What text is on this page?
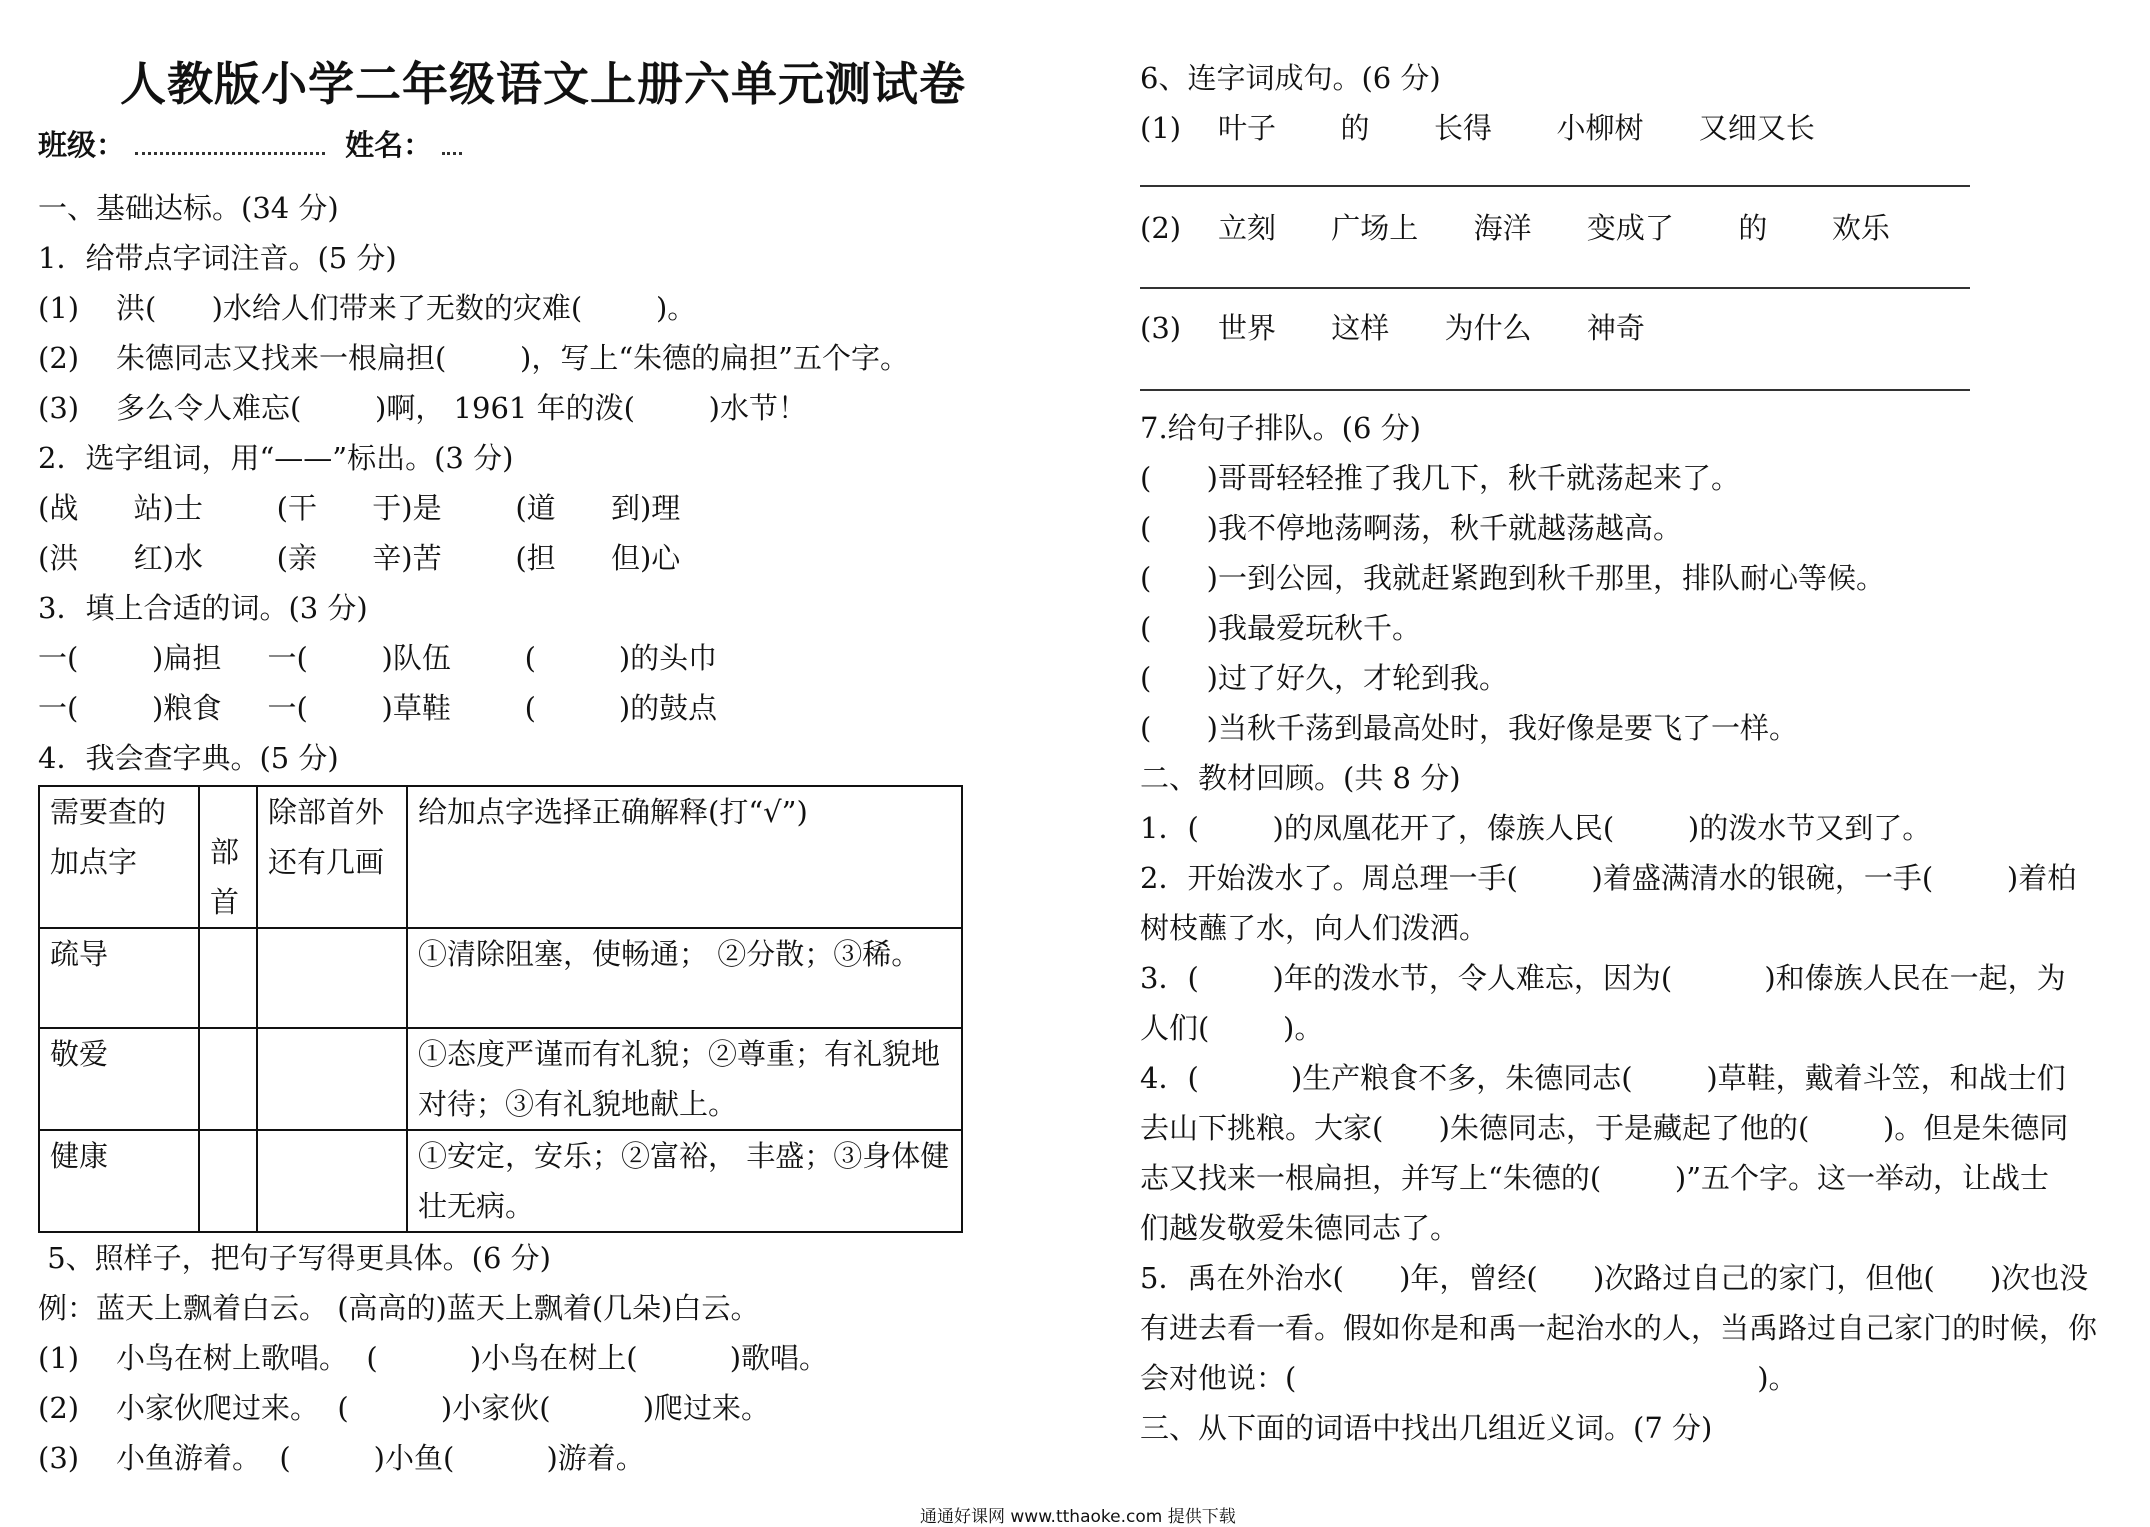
人教版小学二年级语文上册六单元测试卷
班级：	姓名：
一、基础达标。(34 分)
1．给带点字词注音。(5 分)
(1)    洪(      )水给人们带来了无数的灾难(        )。
(2)    朱德同志又找来一根扁担(        )，写上“朱德的扁担”五个字。
(3)    多么令人难忘(        )啊， 1961 年的泼(        )水节！
2．选字组词，用“——”标出。(3 分)
(战      站)士        (干      于)是        (道      到)理
(洪      红)水        (亲      辛)苦        (担      但)心
3．填上合适的词。(3 分)
一(        )扁担     一(        )队伍        (         )的头巾
一(        )粮食     一(        )草鞋        (         )的鼓点
4．我会查字典。(5 分)
需要查的加点字	部首	除部首外还有几画	给加点字选择正确解释(打“√”)
疏导			①清除阻塞，使畅通； ②分散；③稀。
敬爱			①态度严谨而有礼貌；②尊重；有礼貌地对待；③有礼貌地献上。
健康			①安定，安乐；②富裕， 丰盛；③身体健壮无病。
5、照样子，把句子写得更具体。(6 分)
例：蓝天上飘着白云。 (高高的)蓝天上飘着(几朵)白云。
(1)    小鸟在树上歌唱。  (          )小鸟在树上(          )歌唱。
(2)    小家伙爬过来。  (          )小家伙(          )爬过来。
(3)    小鱼游着。  (         )小鱼(          )游着。
6、连字词成句。(6 分)
(1)    叶子       的       长得       小柳树      又细又长
(2)    立刻      广场上      海洋      变成了       的       欢乐
(3)    世界      这样      为什么      神奇
7.给句子排队。(6 分)
(      )哥哥轻轻推了我几下，秋千就荡起来了。
(      )我不停地荡啊荡，秋千就越荡越高。
(      )一到公园，我就赶紧跑到秋千那里，排队耐心等候。
(      )我最爱玩秋千。
(      )过了好久，才轮到我。
(      )当秋千荡到最高处时，我好像是要飞了一样。
二、教材回顾。(共 8 分)
1．(        )的凤凰花开了，傣族人民(        )的泼水节又到了。
2．开始泼水了。周总理一手(        )着盛满清水的银碗，一手(        )着柏
树枝蘸了水，向人们泼洒。
3．(        )年的泼水节，令人难忘，因为(          )和傣族人民在一起，为
人们(        )。
4．(          )生产粮食不多，朱德同志(        )草鞋，戴着斗笠，和战士们
去山下挑粮。大家(      )朱德同志，于是藏起了他的(        )。但是朱德同
志又找来一根扁担，并写上“朱德的(        )”五个字。这一举动，让战士
们越发敬爱朱德同志了。
5．禹在外治水(      )年，曾经(      )次路过自己的家门，但他(      )次也没
有进去看一看。假如你是和禹一起治水的人，当禹路过自己家门的时候，你
会对他说：(                                                  )。
三、从下面的词语中找出几组近义词。(7 分)
通通好课网 www.tthaoke.com 提供下载
